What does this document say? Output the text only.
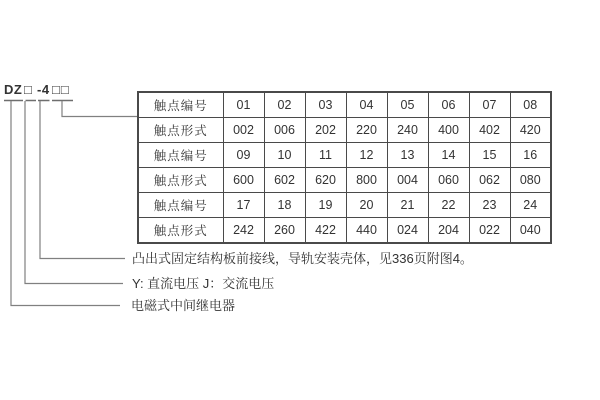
DZ □ -4 □□
触点编号	01	02	03	04	05	06	07	08
触点形式	002	006	202	220	240	400	402	420
触点编号	09	10	11	12	13	14	15	16
触点形式	600	602	620	800	004	060	062	080
触点编号	17	18	19	20	21	22	23	24
触点形式	242	260	422	440	024	204	022	040
凸出式固定结构板前接线，导轨安装壳体，见336页附图4。
Y: 直流电压 J：交流电压
电磁式中间继电器
